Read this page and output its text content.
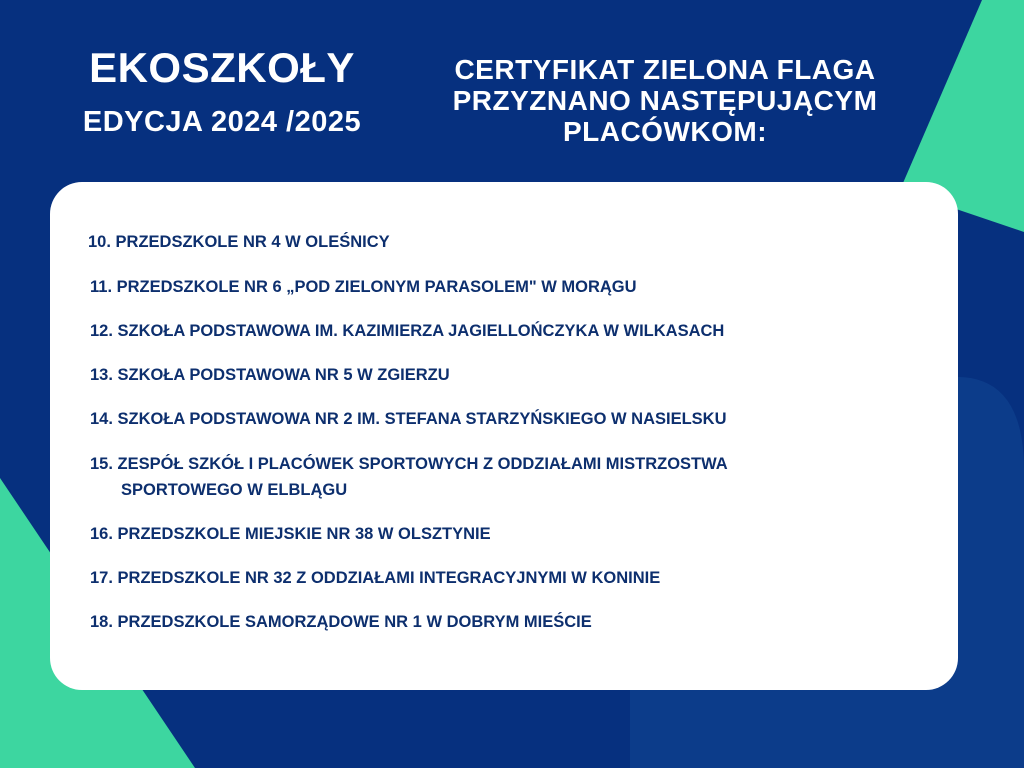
EKOSZKOŁY
EDYCJA 2024 /2025
CERTYFIKAT ZIELONA FLAGA
PRZYZNANO NASTĘPUJĄCYM
PLACÓWKOM:
10. PRZEDSZKOLE NR 4 W OLEŚNICY
11. PRZEDSZKOLE NR 6 „POD ZIELONYM PARASOLEM" W MORĄGU
12. SZKOŁA PODSTAWOWA IM. KAZIMIERZA JAGIELLOŃCZYKA W WILKASACH
13. SZKOŁA PODSTAWOWA NR 5 W ZGIERZU
14. SZKOŁA PODSTAWOWA NR 2 IM. STEFANA STARZYŃSKIEGO W NASIELSKU
15. ZESPÓŁ SZKÓŁ I PLACÓWEK SPORTOWYCH Z ODDZIAŁAMI MISTRZOSTWA
SPORTOWEGO W ELBLĄGU
16. PRZEDSZKOLE MIEJSKIE NR 38 W OLSZTYNIE
17. PRZEDSZKOLE NR 32 Z ODDZIAŁAMI INTEGRACYJNYMI W KONINIE
18. PRZEDSZKOLE SAMORZĄDOWE NR 1 W DOBRYM MIEŚCIE
